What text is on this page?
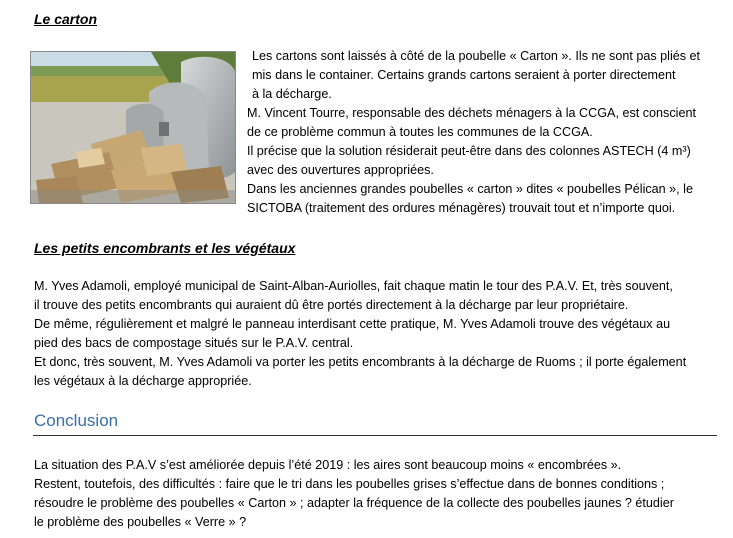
Le carton
Les cartons sont laissés à côté de la poubelle « Carton ». Ils ne sont pas pliés et
mis dans le container. Certains grands cartons seraient à porter directement
à la décharge.
M. Vincent Tourre, responsable des déchets ménagers à la CCGA, est conscient
de ce problème commun à toutes les communes de la CCGA.
Il précise que la solution résiderait peut-être dans des colonnes ASTECH (4 m³)
avec des ouvertures appropriées.
Dans les anciennes grandes poubelles « carton » dites « poubelles Pélican », le
SICTOBA (traitement des ordures ménagères) trouvait tout et n’importe quoi.
Les petits encombrants et les végétaux
M. Yves Adamoli, employé municipal de Saint-Alban-Auriolles, fait chaque matin le tour des P.A.V. Et, très souvent,
il trouve des petits encombrants qui auraient dû être portés directement à la décharge par leur propriétaire.
De même, régulièrement et malgré le panneau interdisant cette pratique, M. Yves Adamoli trouve des végétaux au
pied des bacs de compostage situés sur le P.A.V. central.
Et donc, très souvent, M. Yves Adamoli va porter les petits encombrants à la décharge de Ruoms ; il porte également
les végétaux à la décharge appropriée.
Conclusion
La situation des P.A.V s’est améliorée depuis l’été 2019 : les aires sont beaucoup moins « encombrées ».
Restent, toutefois, des difficultés : faire que le tri dans les poubelles grises s’effectue dans de bonnes conditions ;
résoudre le problème des poubelles « Carton » ; adapter la fréquence de la collecte des poubelles jaunes ? étudier
le problème des poubelles « Verre » ?
